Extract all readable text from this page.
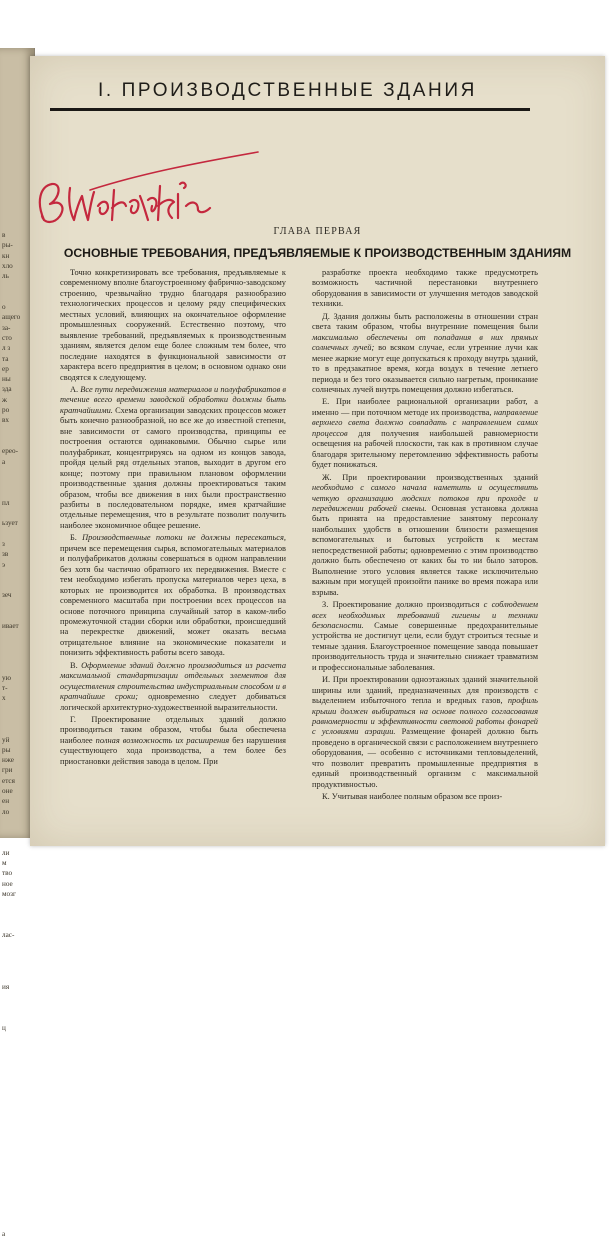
в
ры-
кн
хло
ль
о
ащего
за-
сто
л з
та
ер
ны
зда
ж
ро
вх
ерео-
а
пл
ьзует
з
зв
э
зеч
ивает
ую
т-
х
уй
ры
нже
гри
ется
оне
ен
ло
ли
м
тво
ное
мозг
лас-
ия
ц
а
I. ПРОИЗВОДСТВЕННЫЕ ЗДАНИЯ
ГЛАВА ПЕРВАЯ
ОСНОВНЫЕ ТРЕБОВАНИЯ, ПРЕДЪЯВЛЯЕМЫЕ К ПРОИЗВОДСТВЕННЫМ ЗДАНИЯМ

Точно конкретизировать все требования, предъявляемые к современному вполне благоустроенному фабрично-заводскому строению, чрезвычайно трудно благодаря разнообразию технологических процессов и целому ряду специфических местных условий, влияющих на окончательное оформление промышленных сооружений. Естественно поэтому, что выявление требований, предъявляемых к производственным зданиям, является делом еще более сложным тем более, что последние находятся в функциональной зависимости от характера всего предприятия в целом; в основном однако они сводятся к следующему.

А. Все пути передвижения материалов и полуфабрикатов в течение всего времени заводской обработки должны быть кратчайшими. Схема организации заводских процессов может быть конечно разнообразной, но все же до известной степени, вне зависимости от самого производства, принципы ее построения остаются одинаковыми. Обычно сырье или полуфабрикат, концентрируясь на одном из концов завода, пройдя целый ряд отдельных этапов, выходит в другом его конце; поэтому при правильном плановом оформлении производственные здания должны проектироваться таким образом, чтобы все движения в них были пространственно разбиты в последовательном порядке, имея кратчайшие отдельные перемещения, что в результате позволит получить наиболее экономичное общее решение.

Б. Производственные потоки не должны пересекаться, причем все перемещения сырья, вспомогательных материалов и полуфабрикатов должны совершаться в одном направлении без хотя бы частично обратного их передвижения. Вместе с тем необходимо избегать пропуска материалов через цеха, в которых не производится их обработка. В производствах современного масштаба при построении всех процессов на основе поточного принципа случайный затор в каком-либо промежуточной стадии сборки или обработки, происшедший на перекрестке движений, может оказать весьма отрицательное влияние на экономические показатели и понизить эффективность работы всего завода.

В. Оформление зданий должно производиться из расчета максимальной стандартизации отдельных элементов для осуществления строительства индустриальным способом и в кратчайшие сроки; одновременно следует добиваться логической архитектурно-художественной выразительности.

Г. Проектирование отдельных зданий должно производиться таким образом, чтобы была обеспечена наиболее полная возможность их расширения без нарушения существующего хода производства, а тем более без приостановки действия завода в целом. При

разработке проекта необходимо также предусмотреть возможность частичной перестановки внутреннего оборудования в зависимости от улучшения методов заводской техники.

Д. Здания должны быть расположены в отношении стран света таким образом, чтобы внутренние помещения были максимально обеспечены от попадания в них прямых солнечных лучей; во всяком случае, если утренние лучи как менее жаркие могут еще допускаться к проходу внутрь зданий, то в предзакатное время, когда воздух в течение летнего периода и без того оказывается сильно нагретым, проникание солнечных лучей внутрь помещения должно избегаться.

Е. При наиболее рациональной организации работ, а именно — при поточном методе их производства, направление верхнего света должно совпадать с направлением самих процессов для получения наибольшей равномерности освещения на рабочей плоскости, так как в противном случае благодаря зрительному перетомлению эффективность работы будет понижаться.

Ж. При проектировании производственных зданий необходимо с самого начала наметить и осуществить четкую организацию людских потоков при проходе и передвижении рабочей смены. Основная установка должна быть принята на предоставление занятому персоналу наибольших удобств в отношении близости размещения вспомогательных и бытовых устройств к местам непосредственной работы; одновременно с этим производство должно быть обеспечено от каких бы то ни было заторов. Выполнение этого условия является также исключительно важным при могущей произойти панике во время пожара или взрыва.

З. Проектирование должно производиться с соблюдением всех необходимых требований гигиены и техники безопасности. Самые совершенные предохранительные устройства не достигнут цели, если будут строиться тесные и темные здания. Благоустроенное помещение завода повышает производительность труда и значительно снижает травматизм и профессиональные заболевания.

И. При проектировании одноэтажных зданий значительной ширины или зданий, предназначенных для производств с выделением избыточного тепла и вредных газов, профиль крыши должен выбираться на основе полного согласования равномерности и эффективности световой работы фонарей с условиями аэрации. Размещение фонарей должно быть проведено в органической связи с расположением внутреннего оборудования, — особенно с источниками тепловыделений, что позволит превратить промышленные предприятия в единый производственный организм с максимальной продуктивностью.

К. Учитывая наиболее полным образом все произ-
